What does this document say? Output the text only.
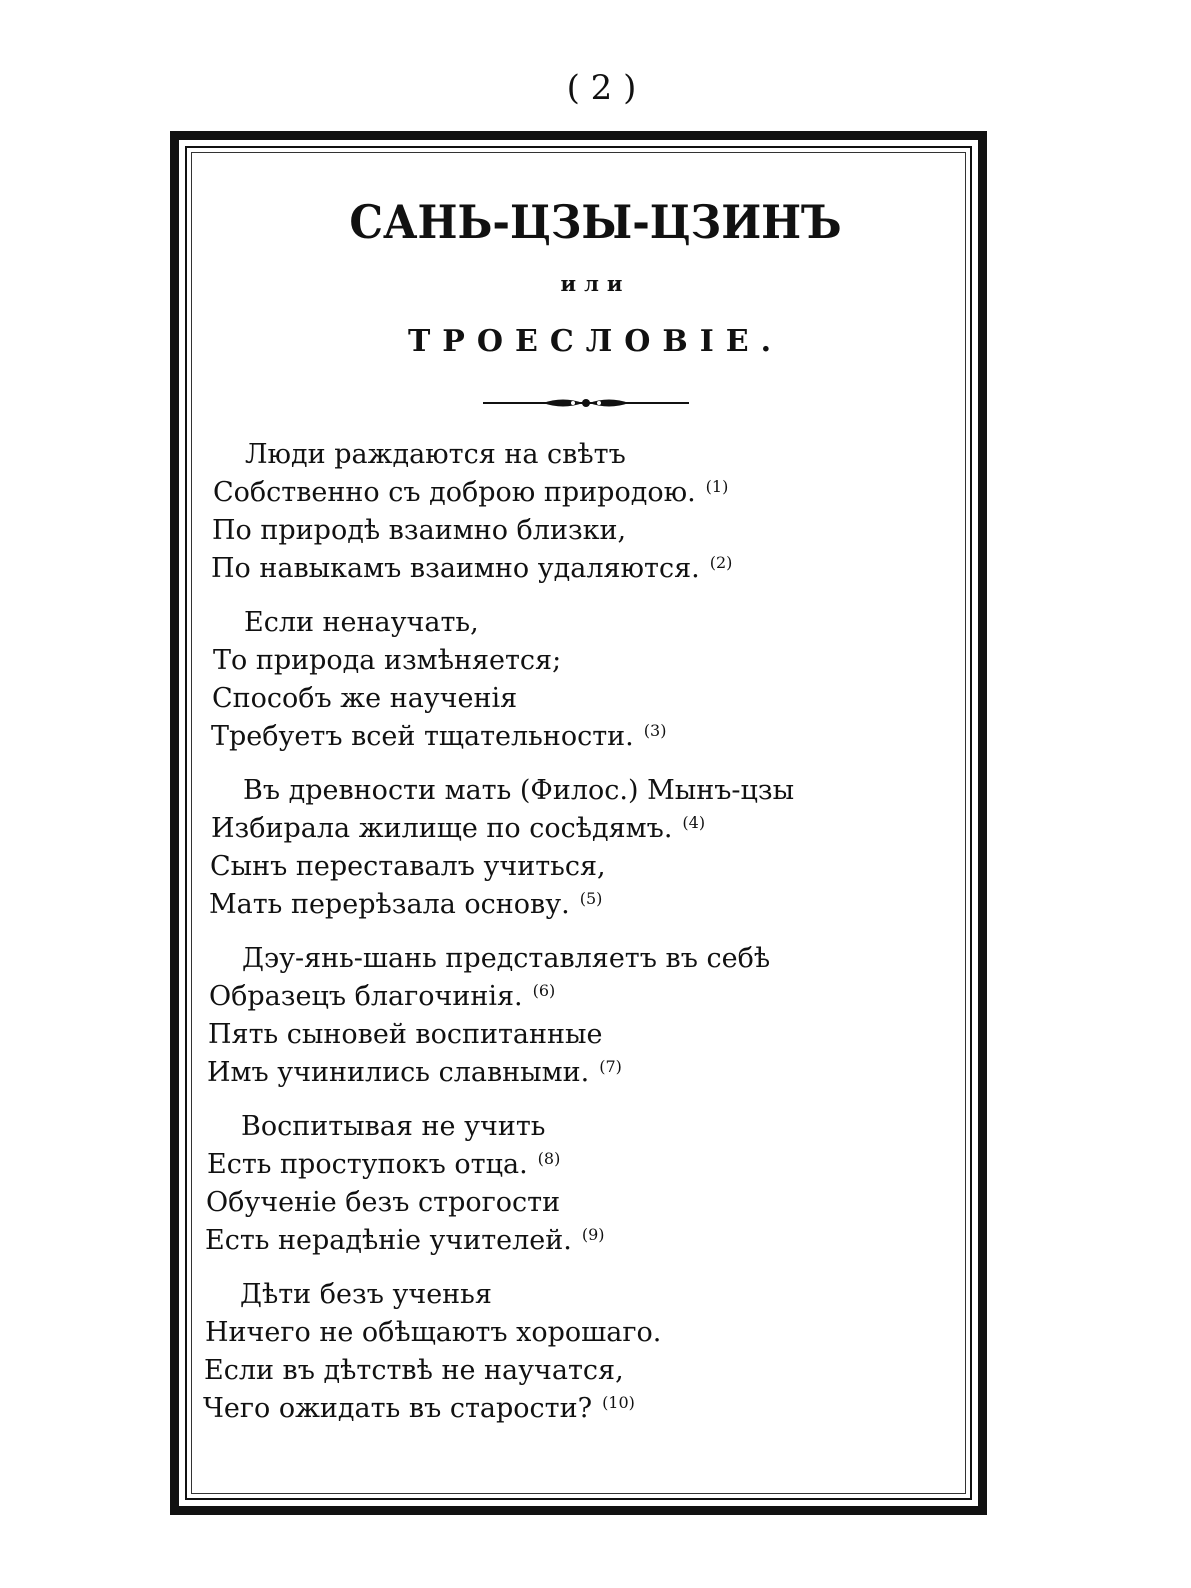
( 2 )
САНЬ-ЦЗЫ-ЦЗИНЪ
или
ТРОЕСЛОВІЕ.
Люди раждаются на свѣтъ
Собственно съ доброю природою. $^{(1)}$
По природѣ взаимно близки,
По навыкамъ взаимно удаляются. $^{(2)}$
Если ненаучать,
То природа измѣняется;
Способъ же наученія
Требуетъ всей тщательности. $^{(3)}$
Въ древности мать (Филос.) Мынъ-цзы
Избирала жилище по сосѣдямъ. $^{(4)}$
Сынъ переставалъ учиться,
Мать перерѣзала основу. $^{(5)}$
Дэу-янь-шань представляетъ въ себѣ
Образецъ благочинія. $^{(6)}$
Пять сыновей воспитанные
Имъ учинились славными. $^{(7)}$
Воспитывая не учить
Есть проступокъ отца. $^{(8)}$
Обученіе безъ строгости
Есть нерадѣніе учителей. $^{(9)}$
Дѣти безъ ученья
Ничего не обѣщаютъ хорошаго.
Если въ дѣтствѣ не научатся,
Чего ожидать въ старости? $^{(10)}$
